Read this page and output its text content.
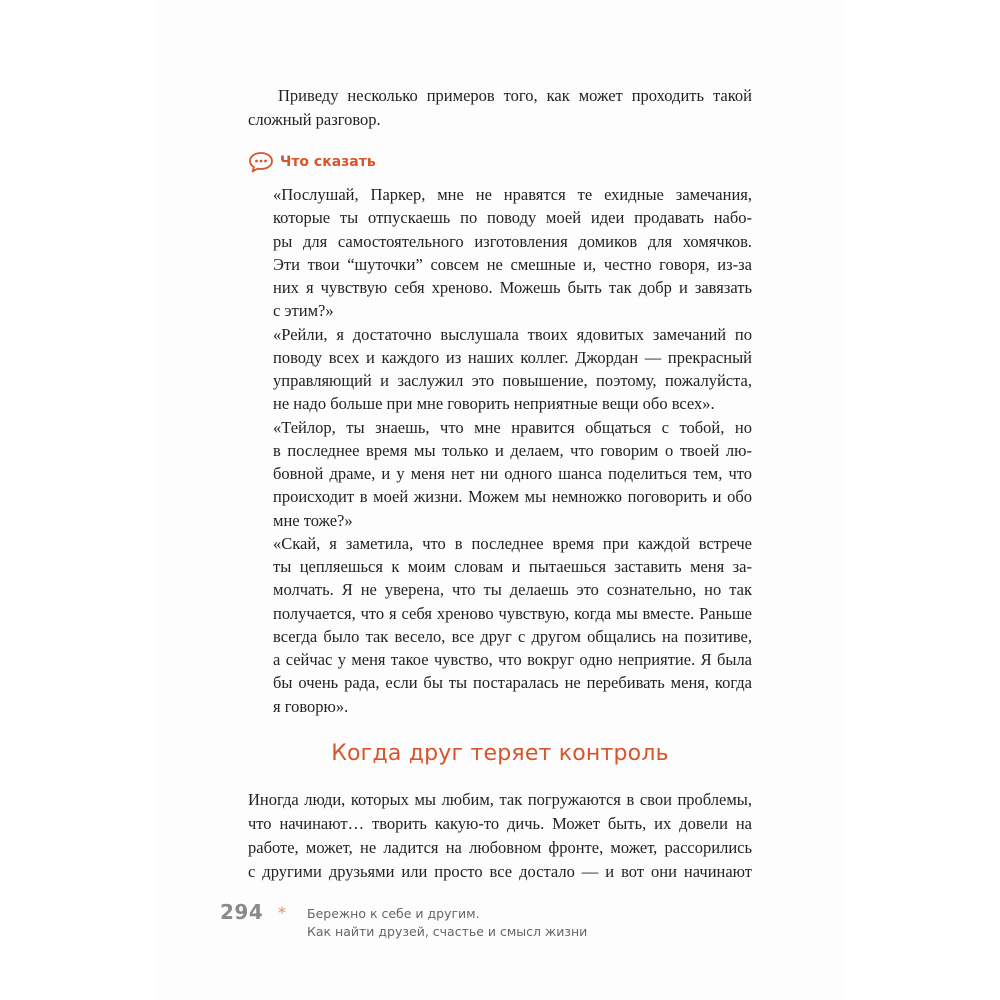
Приведу несколько примеров того, как может проходить такой
сложный разговор.
Что сказать
«Послушай, Паркер, мне не нравятся те ехидные замечания,
которые ты отпускаешь по поводу моей идеи продавать набо-
ры для самостоятельного изготовления домиков для хомячков.
Эти твои “шуточки” совсем не смешные и, честно говоря, из-за
них я чувствую себя хреново. Можешь быть так добр и завязать
с этим?»
«Рейли, я достаточно выслушала твоих ядовитых замечаний по
поводу всех и каждого из наших коллег. Джордан — прекрасный
управляющий и заслужил это повышение, поэтому, пожалуйста,
не надо больше при мне говорить неприятные вещи обо всех».
«Тейлор, ты знаешь, что мне нравится общаться с тобой, но
в последнее время мы только и делаем, что говорим о твоей лю-
бовной драме, и у меня нет ни одного шанса поделиться тем, что
происходит в моей жизни. Можем мы немножко поговорить и обо
мне тоже?»
«Скай, я заметила, что в последнее время при каждой встрече
ты цепляешься к моим словам и пытаешься заставить меня за-
молчать. Я не уверена, что ты делаешь это сознательно, но так
получается, что я себя хреново чувствую, когда мы вместе. Раньше
всегда было так весело, все друг с другом общались на позитиве,
а сейчас у меня такое чувство, что вокруг одно неприятие. Я была
бы очень рада, если бы ты постаралась не перебивать меня, когда
я говорю».
Когда друг теряет контроль
Иногда люди, которых мы любим, так погружаются в свои проблемы,
что начинают… творить какую-то дичь. Может быть, их довели на
работе, может, не ладится на любовном фронте, может, рассорились
с другими друзьями или просто все достало — и вот они начинают
294 * Бережно к себе и другим.
Как найти друзей, счастье и смысл жизни
